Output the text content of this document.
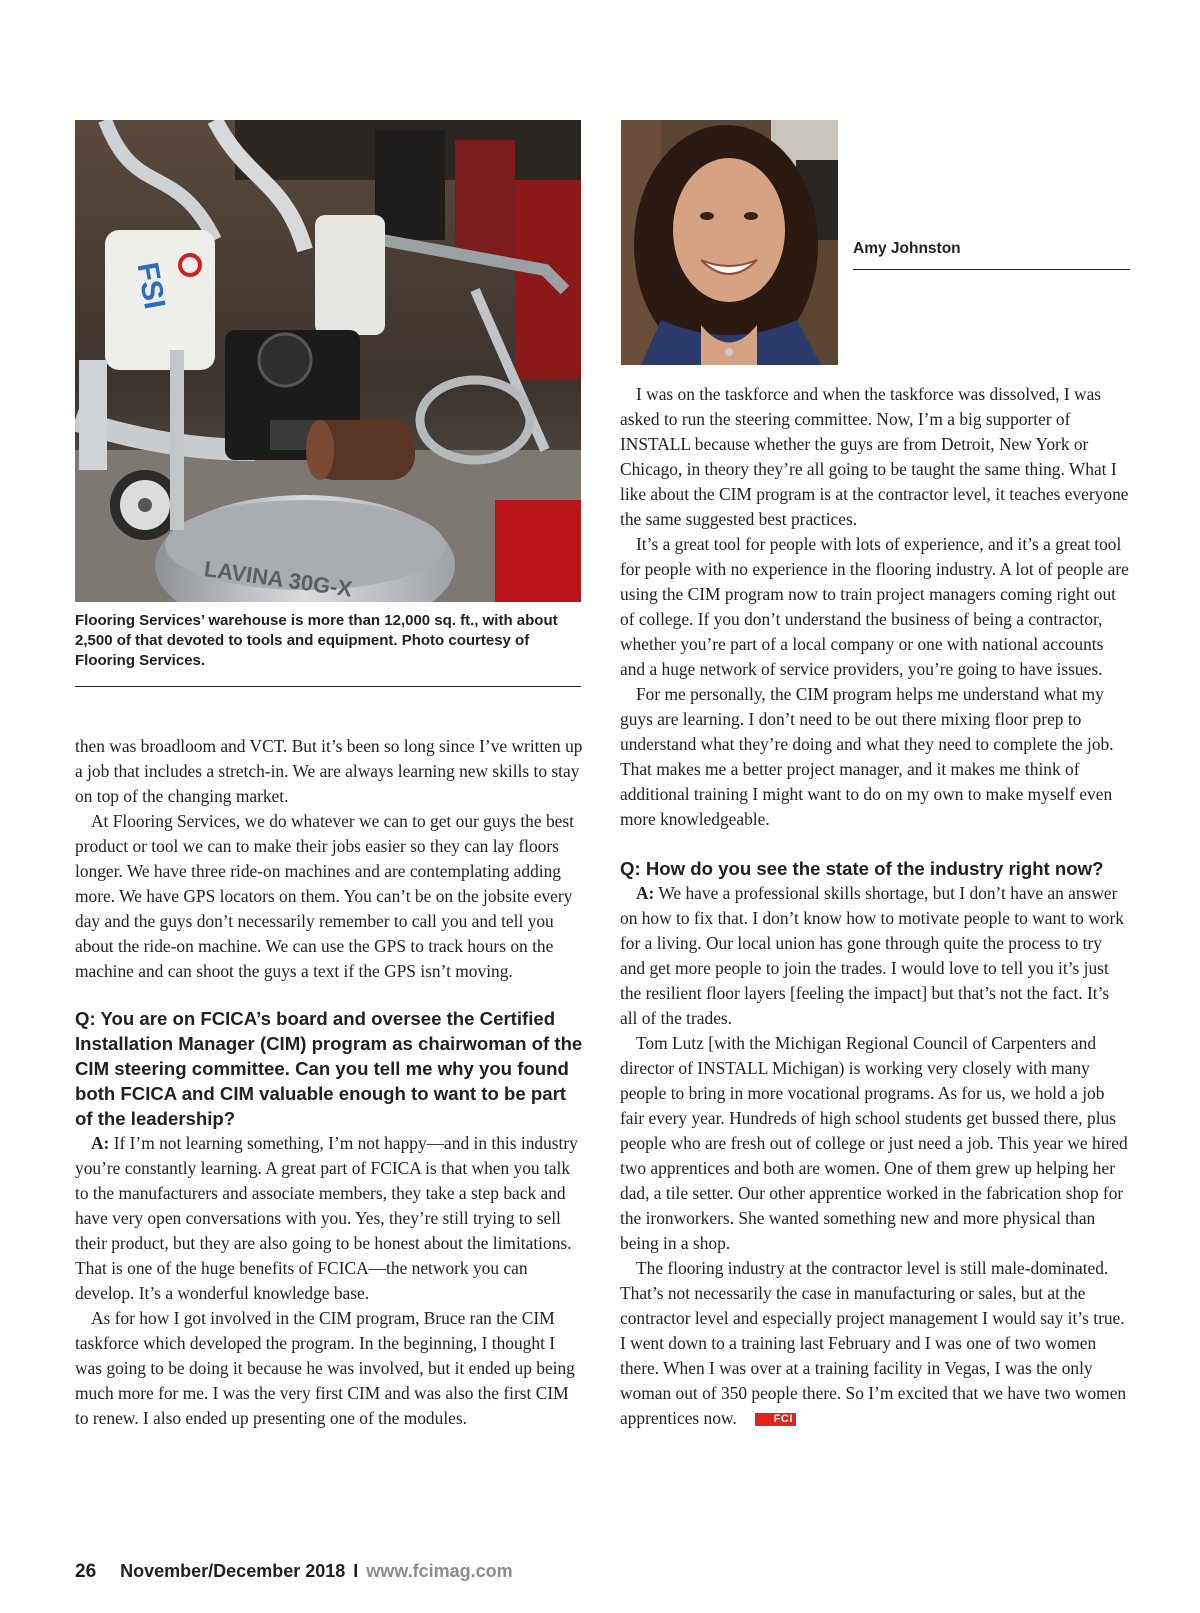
FSI
LAVINA 30G-X
Flooring Services’ warehouse is more than 12,000 sq. ft., with about 2,500 of that devoted to tools and equipment. Photo courtesy of Flooring Services.
Amy Johnston

then was broadloom and VCT. But it’s been so long since I’ve written up a job that includes a stretch-in. We are always learning new skills to stay on top of the changing market.

At Flooring Services, we do whatever we can to get our guys the best product or tool we can to make their jobs easier so they can lay floors longer. We have three ride-on machines and are contemplating adding more. We have GPS locators on them. You can’t be on the jobsite every day and the guys don’t necessarily remember to call you and tell you about the ride-on machine. We can use the GPS to track hours on the machine and can shoot the guys a text if the GPS isn’t moving.

Q: You are on FCICA’s board and oversee the Certified Installation Manager (CIM) program as chairwoman of the CIM steering committee. Can you tell me why you found both FCICA and CIM valuable enough to want to be part of the leadership?

A: If I’m not learning something, I’m not happy—and in this industry you’re constantly learning. A great part of FCICA is that when you talk to the manufacturers and associate members, they take a step back and have very open conversations with you. Yes, they’re still trying to sell their product, but they are also going to be honest about the limitations. That is one of the huge benefits of FCICA—the network you can develop. It’s a wonderful knowledge base.

As for how I got involved in the CIM program, Bruce ran the CIM taskforce which developed the program. In the beginning, I thought I was going to be doing it because he was involved, but it ended up being much more for me. I was the very first CIM and was also the first CIM to renew. I also ended up presenting one of the modules.

I was on the taskforce and when the taskforce was dissolved, I was asked to run the steering committee. Now, I’m a big supporter of INSTALL because whether the guys are from Detroit, New York or Chicago, in theory they’re all going to be taught the same thing. What I like about the CIM program is at the contractor level, it teaches everyone the same suggested best practices.

It’s a great tool for people with lots of experience, and it’s a great tool for people with no experience in the flooring industry. A lot of people are using the CIM program now to train project managers coming right out of college. If you don’t understand the business of being a contractor, whether you’re part of a local company or one with national accounts and a huge network of service providers, you’re going to have issues.

For me personally, the CIM program helps me understand what my guys are learning. I don’t need to be out there mixing floor prep to understand what they’re doing and what they need to complete the job. That makes me a better project manager, and it makes me think of additional training I might want to do on my own to make myself even more knowledgeable.

Q: How do you see the state of the industry right now?

A: We have a professional skills shortage, but I don’t have an answer on how to fix that. I don’t know how to motivate people to want to work for a living. Our local union has gone through quite the process to try and get more people to join the trades. I would love to tell you it’s just the resilient floor layers [feeling the impact] but that’s not the fact. It’s all of the trades.

Tom Lutz [with the Michigan Regional Council of Carpenters and director of INSTALL Michigan) is working very closely with many people to bring in more vocational programs. As for us, we hold a job fair every year. Hundreds of high school students get bussed there, plus people who are fresh out of college or just need a job. This year we hired two apprentices and both are women. One of them grew up helping her dad, a tile setter. Our other apprentice worked in the fabrication shop for the ironworkers. She wanted something new and more physical than being in a shop.

The flooring industry at the contractor level is still male-dominated. That’s not necessarily the case in manufacturing or sales, but at the contractor level and especially project management I would say it’s true. I went down to a training last February and I was one of two women there. When I was over at a training facility in Vegas, I was the only woman out of 350 people there. So I’m excited that we have two women apprentices now.	FCI

26 November/December 2018 I www.fcimag.com
